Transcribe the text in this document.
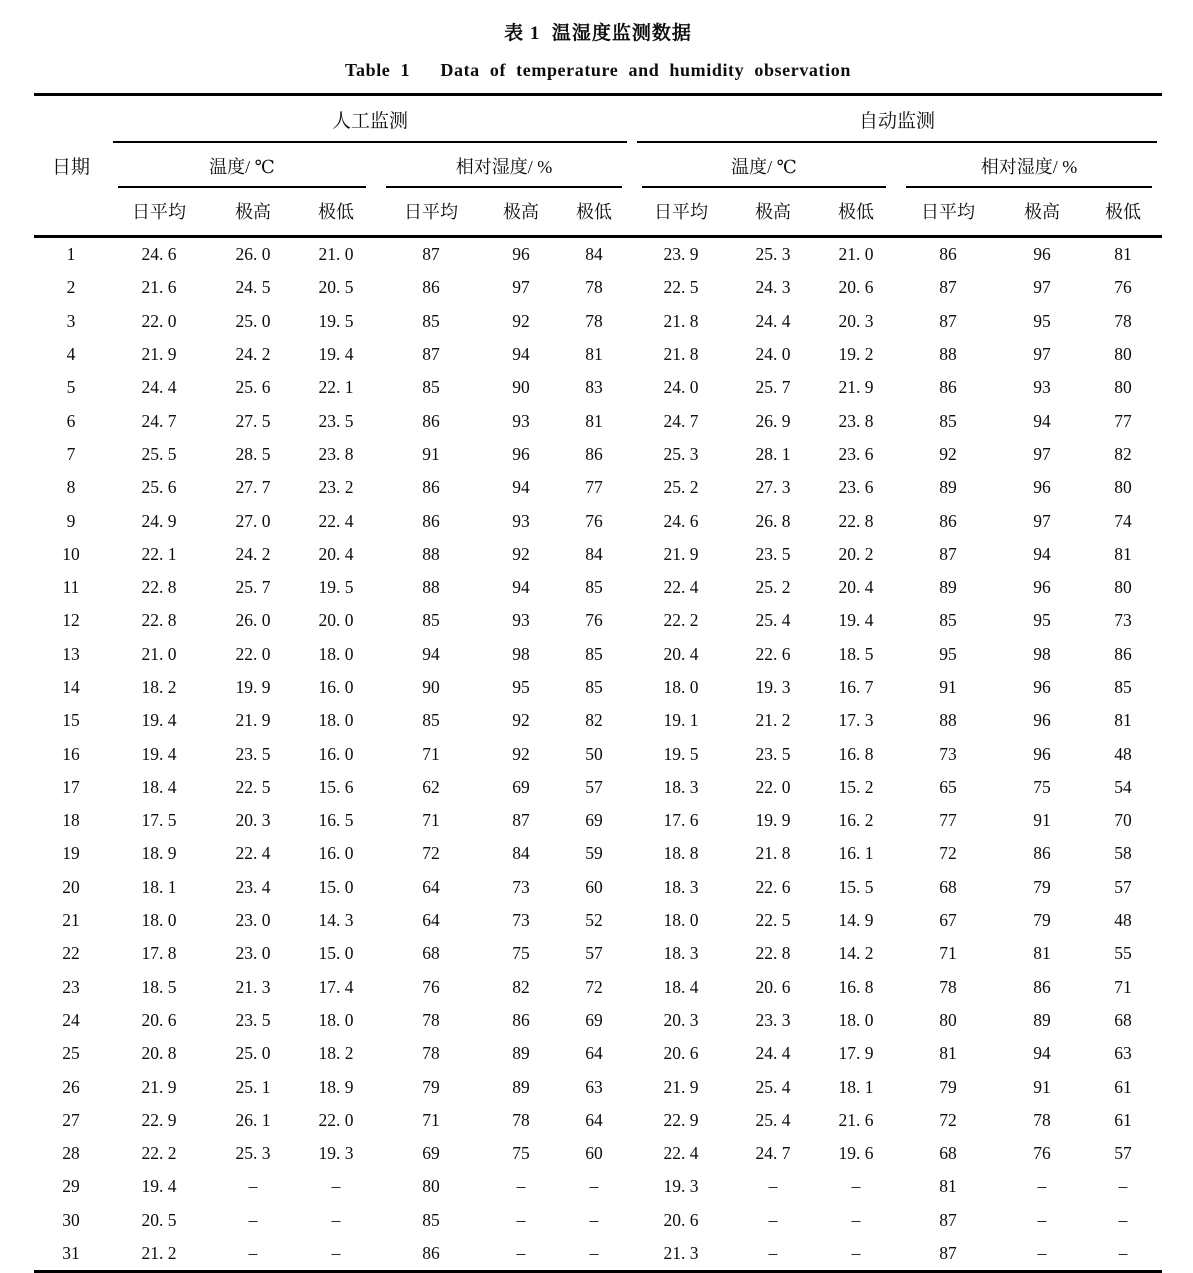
表 1  温湿度监测数据
Table 1   Data of temperature and humidity observation
日期	人工监测						自动监测					

	温度/ ℃			相对湿度/ %			温度/ ℃			相对湿度/ %		

	日平均	极高	极低	日平均	极高	极低	日平均	极高	极低	日平均	极高	极低
1	24. 6	26. 0	21. 0	87	96	84	23. 9	25. 3	21. 0	86	96	81
2	21. 6	24. 5	20. 5	86	97	78	22. 5	24. 3	20. 6	87	97	76
3	22. 0	25. 0	19. 5	85	92	78	21. 8	24. 4	20. 3	87	95	78
4	21. 9	24. 2	19. 4	87	94	81	21. 8	24. 0	19. 2	88	97	80
5	24. 4	25. 6	22. 1	85	90	83	24. 0	25. 7	21. 9	86	93	80
6	24. 7	27. 5	23. 5	86	93	81	24. 7	26. 9	23. 8	85	94	77
7	25. 5	28. 5	23. 8	91	96	86	25. 3	28. 1	23. 6	92	97	82
8	25. 6	27. 7	23. 2	86	94	77	25. 2	27. 3	23. 6	89	96	80
9	24. 9	27. 0	22. 4	86	93	76	24. 6	26. 8	22. 8	86	97	74
10	22. 1	24. 2	20. 4	88	92	84	21. 9	23. 5	20. 2	87	94	81
11	22. 8	25. 7	19. 5	88	94	85	22. 4	25. 2	20. 4	89	96	80
12	22. 8	26. 0	20. 0	85	93	76	22. 2	25. 4	19. 4	85	95	73
13	21. 0	22. 0	18. 0	94	98	85	20. 4	22. 6	18. 5	95	98	86
14	18. 2	19. 9	16. 0	90	95	85	18. 0	19. 3	16. 7	91	96	85
15	19. 4	21. 9	18. 0	85	92	82	19. 1	21. 2	17. 3	88	96	81
16	19. 4	23. 5	16. 0	71	92	50	19. 5	23. 5	16. 8	73	96	48
17	18. 4	22. 5	15. 6	62	69	57	18. 3	22. 0	15. 2	65	75	54
18	17. 5	20. 3	16. 5	71	87	69	17. 6	19. 9	16. 2	77	91	70
19	18. 9	22. 4	16. 0	72	84	59	18. 8	21. 8	16. 1	72	86	58
20	18. 1	23. 4	15. 0	64	73	60	18. 3	22. 6	15. 5	68	79	57
21	18. 0	23. 0	14. 3	64	73	52	18. 0	22. 5	14. 9	67	79	48
22	17. 8	23. 0	15. 0	68	75	57	18. 3	22. 8	14. 2	71	81	55
23	18. 5	21. 3	17. 4	76	82	72	18. 4	20. 6	16. 8	78	86	71
24	20. 6	23. 5	18. 0	78	86	69	20. 3	23. 3	18. 0	80	89	68
25	20. 8	25. 0	18. 2	78	89	64	20. 6	24. 4	17. 9	81	94	63
26	21. 9	25. 1	18. 9	79	89	63	21. 9	25. 4	18. 1	79	91	61
27	22. 9	26. 1	22. 0	71	78	64	22. 9	25. 4	21. 6	72	78	61
28	22. 2	25. 3	19. 3	69	75	60	22. 4	24. 7	19. 6	68	76	57
29	19. 4	–	–	80	–	–	19. 3	–	–	81	–	–
30	20. 5	–	–	85	–	–	20. 6	–	–	87	–	–
31	21. 2	–	–	86	–	–	21. 3	–	–	87	–	–
